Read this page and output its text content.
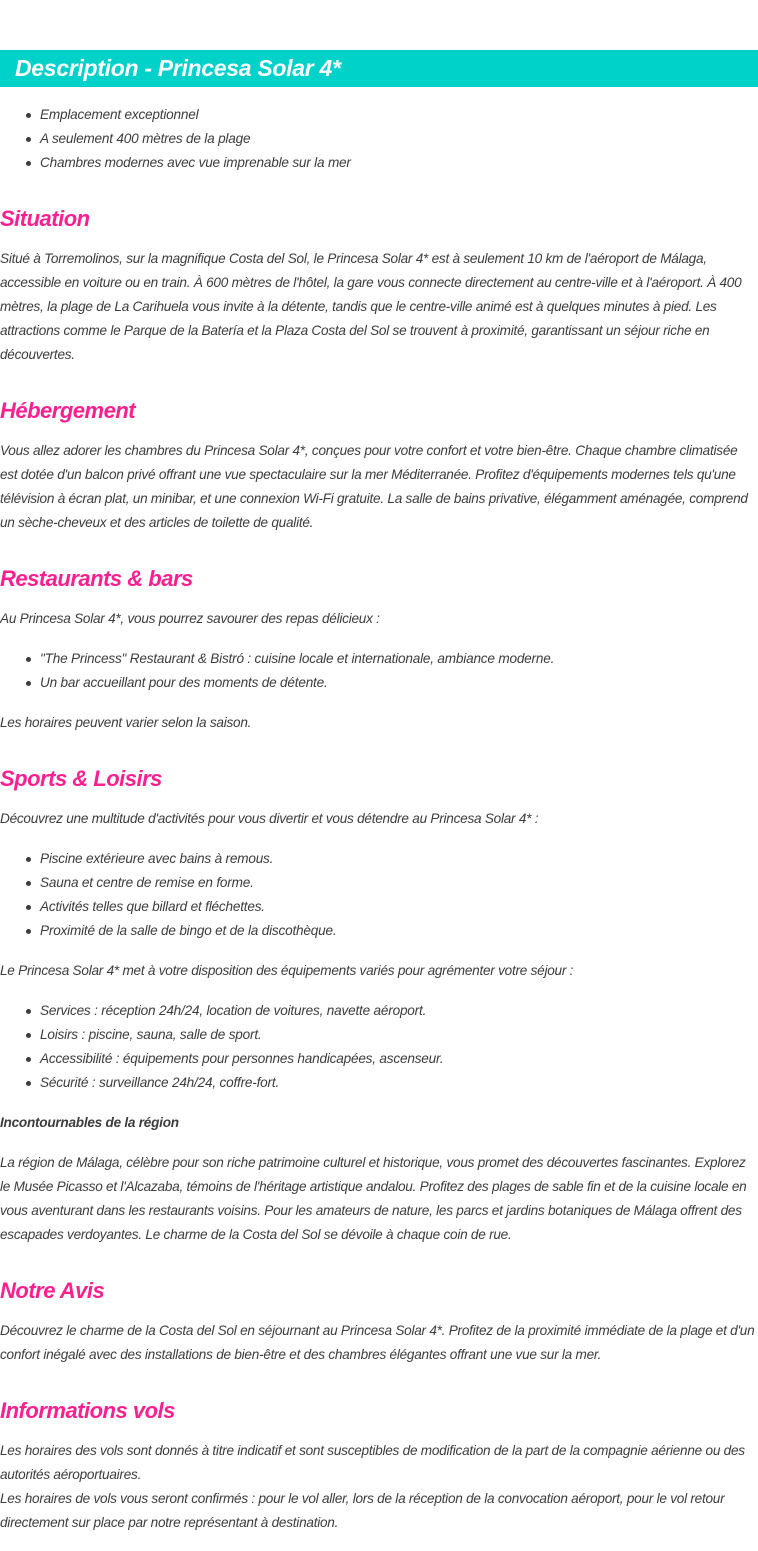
Description - Princesa Solar 4*
Emplacement exceptionnel
A seulement 400 mètres de la plage
Chambres modernes avec vue imprenable sur la mer
Situation

Situé à Torremolinos, sur la magnifique Costa del Sol, le Princesa Solar 4* est à seulement 10 km de l'aéroport de Málaga, accessible en voiture ou en train. À 600 mètres de l'hôtel, la gare vous connecte directement au centre-ville et à l'aéroport. À 400 mètres, la plage de La Carihuela vous invite à la détente, tandis que le centre-ville animé est à quelques minutes à pied. Les attractions comme le Parque de la Batería et la Plaza Costa del Sol se trouvent à proximité, garantissant un séjour riche en découvertes.

Hébergement

Vous allez adorer les chambres du Princesa Solar 4*, conçues pour votre confort et votre bien-être. Chaque chambre climatisée est dotée d'un balcon privé offrant une vue spectaculaire sur la mer Méditerranée. Profitez d'équipements modernes tels qu'une télévision à écran plat, un minibar, et une connexion Wi-Fi gratuite. La salle de bains privative, élégamment aménagée, comprend un sèche-cheveux et des articles de toilette de qualité.

Restaurants & bars

Au Princesa Solar 4*, vous pourrez savourer des repas délicieux :

"The Princess" Restaurant & Bistró : cuisine locale et internationale, ambiance moderne.
Un bar accueillant pour des moments de détente.

Les horaires peuvent varier selon la saison.

Sports & Loisirs

Découvrez une multitude d'activités pour vous divertir et vous détendre au Princesa Solar 4* :

Piscine extérieure avec bains à remous.
Sauna et centre de remise en forme.
Activités telles que billard et fléchettes.
Proximité de la salle de bingo et de la discothèque.

Le Princesa Solar 4* met à votre disposition des équipements variés pour agrémenter votre séjour :

Services : réception 24h/24, location de voitures, navette aéroport.
Loisirs : piscine, sauna, salle de sport.
Accessibilité : équipements pour personnes handicapées, ascenseur.
Sécurité : surveillance 24h/24, coffre-fort.

Incontournables de la région

La région de Málaga, célèbre pour son riche patrimoine culturel et historique, vous promet des découvertes fascinantes. Explorez le Musée Picasso et l'Alcazaba, témoins de l'héritage artistique andalou. Profitez des plages de sable fin et de la cuisine locale en vous aventurant dans les restaurants voisins. Pour les amateurs de nature, les parcs et jardins botaniques de Málaga offrent des escapades verdoyantes. Le charme de la Costa del Sol se dévoile à chaque coin de rue.

Notre Avis

Découvrez le charme de la Costa del Sol en séjournant au Princesa Solar 4*. Profitez de la proximité immédiate de la plage et d'un confort inégalé avec des installations de bien-être et des chambres élégantes offrant une vue sur la mer.

Informations vols

Les horaires des vols sont donnés à titre indicatif et sont susceptibles de modification de la part de la compagnie aérienne ou des autorités aéroportuaires.
Les horaires de vols vous seront confirmés : pour le vol aller, lors de la réception de la convocation aéroport, pour le vol retour directement sur place par notre représentant à destination.
